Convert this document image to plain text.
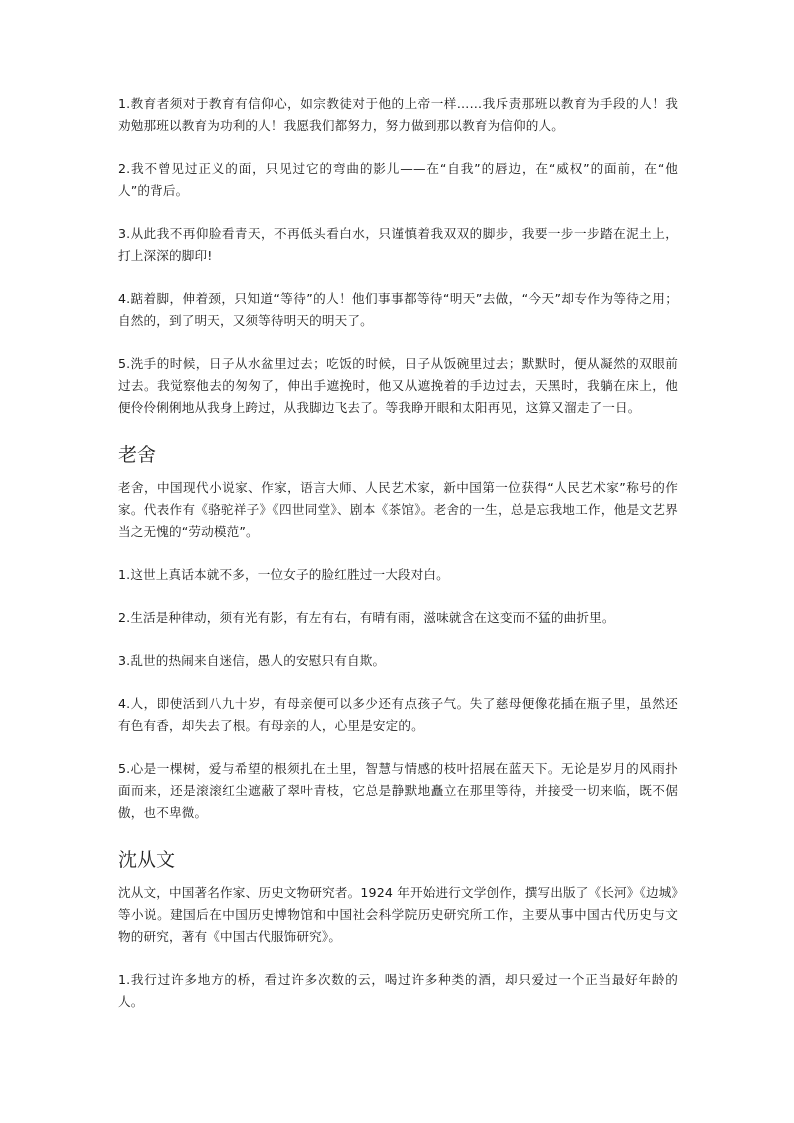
1.教育者须对于教育有信仰心，如宗教徒对于他的上帝一样……我斥责那班以教育为手段的人！我劝勉那班以教育为功利的人！我愿我们都努力，努力做到那以教育为信仰的人。

2.我不曾见过正义的面，只见过它的弯曲的影儿——在“自我”的唇边，在“威权”的面前，在“他人”的背后。

3.从此我不再仰脸看青天，不再低头看白水，只谨慎着我双双的脚步，我要一步一步踏在泥土上，打上深深的脚印!

4.踮着脚，伸着颈，只知道“等待”的人！他们事事都等待“明天”去做，“今天”却专作为等待之用；自然的，到了明天，又须等待明天的明天了。

5.洗手的时候，日子从水盆里过去；吃饭的时候，日子从饭碗里过去；默默时，便从凝然的双眼前过去。我觉察他去的匆匆了，伸出手遮挽时，他又从遮挽着的手边过去，天黑时，我躺在床上，他便伶伶俐俐地从我身上跨过，从我脚边飞去了。等我睁开眼和太阳再见，这算又溜走了一日。

老舍

老舍，中国现代小说家、作家，语言大师、人民艺术家，新中国第一位获得“人民艺术家”称号的作家。代表作有《骆驼祥子》《四世同堂》、剧本《茶馆》。老舍的一生，总是忘我地工作，他是文艺界当之无愧的“劳动模范”。

1.这世上真话本就不多，一位女子的脸红胜过一大段对白。

2.生活是种律动，须有光有影，有左有右，有晴有雨，滋味就含在这变而不猛的曲折里。

3.乱世的热闹来自迷信，愚人的安慰只有自欺。

4.人，即使活到八九十岁，有母亲便可以多少还有点孩子气。失了慈母便像花插在瓶子里，虽然还有色有香，却失去了根。有母亲的人，心里是安定的。

5.心是一棵树，爱与希望的根须扎在土里，智慧与情感的枝叶招展在蓝天下。无论是岁月的风雨扑面而来，还是滚滚红尘遮蔽了翠叶青枝，它总是静默地矗立在那里等待，并接受一切来临，既不倨傲，也不卑微。

沈从文

沈从文，中国著名作家、历史文物研究者。1924 年开始进行文学创作，撰写出版了《长河》《边城》等小说。建国后在中国历史博物馆和中国社会科学院历史研究所工作，主要从事中国古代历史与文物的研究，著有《中国古代服饰研究》。

1.我行过许多地方的桥，看过许多次数的云，喝过许多种类的酒，却只爱过一个正当最好年龄的人。
